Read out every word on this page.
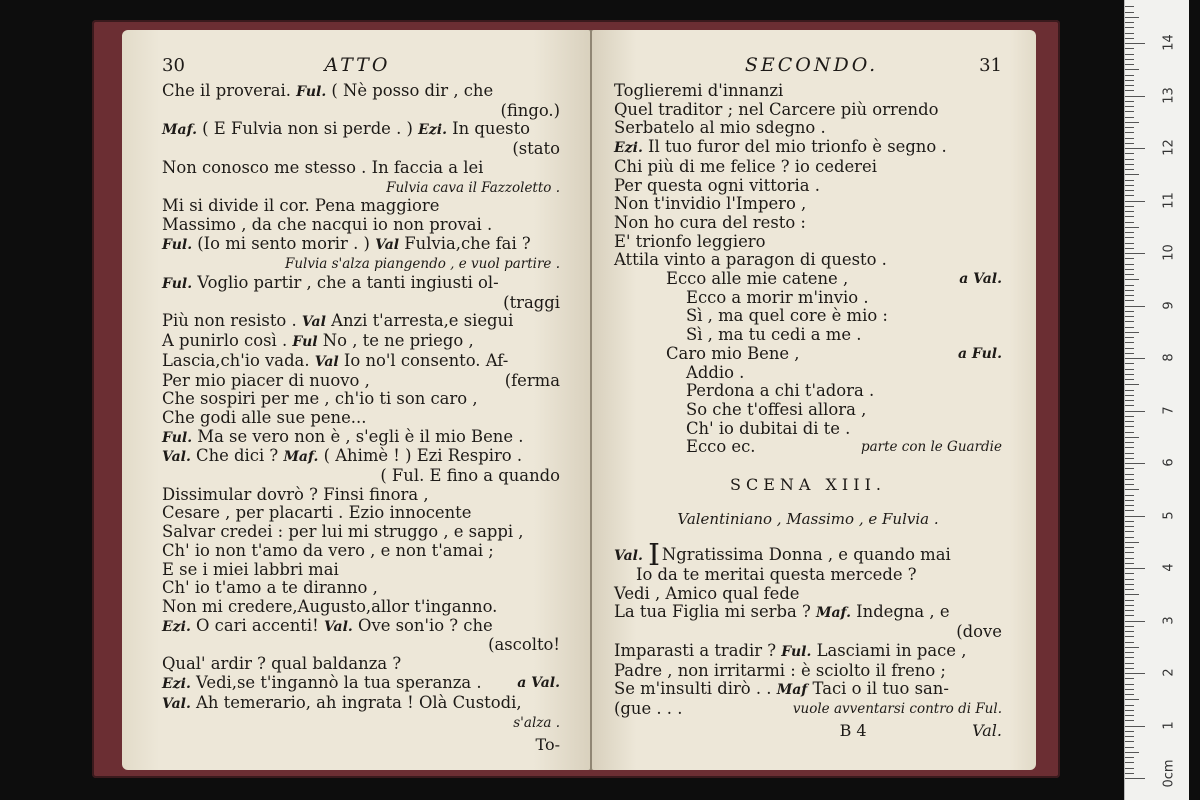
30	ATTO
Che il proverai. Ful. ( Nè posso dir , che
(fingo.)
Maf. ( E Fulvia non si perde . ) Ezi. In questo
(stato
Non conosco me stesso . In faccia a lei
Fulvia cava il Fazzoletto .
Mi si divide il cor. Pena maggiore
Massimo , da che nacqui io non provai .
Ful. (Io mi sento morir . ) Val Fulvia,che fai ?
Fulvia s'alza piangendo , e vuol partire .
Ful. Voglio partir , che a tanti ingiusti ol-
(traggi
Più non resisto . Val Anzi t'arresta,e siegui
A punirlo così . Ful No , te ne priego ,
Lascia,ch'io vada. Val Io no'l consento. Af-
Per mio piacer di nuovo ,	(ferma
Che sospiri per me , ch'io ti son caro ,
Che godi alle sue pene...
Ful. Ma se vero non è , s'egli è il mio Bene .
Val. Che dici ? Maf. ( Ahimè ! ) Ezi Respiro .
( Ful. E fino a quando
Dissimular dovrò ? Finsi finora ,
Cesare , per placarti . Ezio innocente
Salvar credei : per lui mi struggo , e sappi ,
Ch' io non t'amo da vero , e non t'amai ;
E se i miei labbri mai
Ch' io t'amo a te diranno ,
Non mi credere,Augusto,allor t'inganno.
Ezi. O cari accenti! Val. Ove son'io ? che
(ascolto!
Qual' ardir ? qual baldanza ?
Ezi. Vedi,se t'ingannò la tua speranza .	a Val.
Val. Ah temerario, ah ingrata ! Olà Custodi,
s'alza .
To-
SECONDO.	31
Toglieremi d'innanzi
Quel traditor ; nel Carcere più orrendo
Serbatelo al mio sdegno .
Ezi. Il tuo furor del mio trionfo è segno .
Chi più di me felice ? io cederei
Per questa ogni vittoria .
Non t'invidio l'Impero ,
Non ho cura del resto :
E' trionfo leggiero
Attila vinto a paragon di questo .
Ecco alle mie catene ,	a Val.
Ecco a morir m'invio .
Sì , ma quel core è mio :
Sì , ma tu cedi a me .
Caro mio Bene ,	a Ful.
Addio .
Perdona a chi t'adora .
So che t'offesi allora ,
Ch' io dubitai di te .
Ecco ec.	parte con le Guardie
SCENA XIII.
Valentiniano , Massimo , e Fulvia .
Val. I Ngratissima Donna , e quando mai
Io da te meritai questa mercede ?
Vedi , Amico qual fede
La tua Figlia mi serba ? Maf. Indegna , e
(dove
Imparasti a tradir ? Ful. Lasciami in pace ,
Padre , non irritarmi : è sciolto il freno ;
Se m'insulti dirò . . Maf Taci o il tuo san-
(gue . . .	vuole avventarsi contro di Ful.
B 4	Val.
0cm
1
2
3
4
5
6
7
8
9
10
11
12
13
14
